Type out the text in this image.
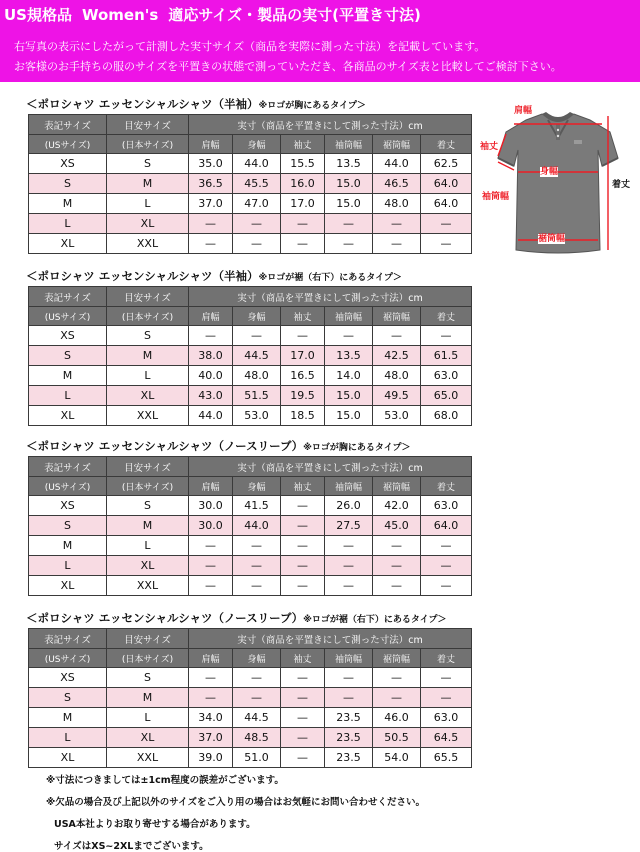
US規格品 Women's 適応サイズ・製品の実寸(平置き寸法)
右写真の表示にしたがって計測した実寸サイズ（商品を実際に測った寸法）を記載しています。
お客様のお手持ちの服のサイズを平置きの状態で測っていただき、各商品のサイズ表と比較してご検討下さい。
＜ポロシャツ エッセンシャルシャツ（半袖）※ロゴが胸にあるタイプ＞
表記サイズ	目安サイズ	実寸（商品を平置きにして測った寸法）cm					
(USサイズ)	(日本サイズ)	肩幅	身幅	袖丈	袖筒幅	裾筒幅	着丈
XS	S	35.0	44.0	15.5	13.5	44.0	62.5
S	M	36.5	45.5	16.0	15.0	46.5	64.0
M	L	37.0	47.0	17.0	15.0	48.0	64.0
L	XL	—	—	—	—	—	—
XL	XXL	—	—	—	—	—	—
＜ポロシャツ エッセンシャルシャツ（半袖）※ロゴが裾（右下）にあるタイプ＞
表記サイズ	目安サイズ	実寸（商品を平置きにして測った寸法）cm					
(USサイズ)	(日本サイズ)	肩幅	身幅	袖丈	袖筒幅	裾筒幅	着丈
XS	S	—	—	—	—	—	—
S	M	38.0	44.5	17.0	13.5	42.5	61.5
M	L	40.0	48.0	16.5	14.0	48.0	63.0
L	XL	43.0	51.5	19.5	15.0	49.5	65.0
XL	XXL	44.0	53.0	18.5	15.0	53.0	68.0
＜ポロシャツ エッセンシャルシャツ（ノースリーブ）※ロゴが胸にあるタイプ＞
表記サイズ	目安サイズ	実寸（商品を平置きにして測った寸法）cm					
(USサイズ)	(日本サイズ)	肩幅	身幅	袖丈	袖筒幅	裾筒幅	着丈
XS	S	30.0	41.5	—	26.0	42.0	63.0
S	M	30.0	44.0	—	27.5	45.0	64.0
M	L	—	—	—	—	—	—
L	XL	—	—	—	—	—	—
XL	XXL	—	—	—	—	—	—
＜ポロシャツ エッセンシャルシャツ（ノースリーブ）※ロゴが裾（右下）にあるタイプ＞
表記サイズ	目安サイズ	実寸（商品を平置きにして測った寸法）cm					
(USサイズ)	(日本サイズ)	肩幅	身幅	袖丈	袖筒幅	裾筒幅	着丈
XS	S	—	—	—	—	—	—
S	M	—	—	—	—	—	—
M	L	34.0	44.5	—	23.5	46.0	63.0
L	XL	37.0	48.5	—	23.5	50.5	64.5
XL	XXL	39.0	51.0	—	23.5	54.0	65.5
肩幅
袖丈
身幅
袖筒幅
裾筒幅
着丈
※寸法につきましては±1cm程度の誤差がございます。
※欠品の場合及び上記以外のサイズをご入り用の場合はお気軽にお問い合わせください。
USA本社よりお取り寄せする場合があります。
サイズはXS~2XLまでございます。
